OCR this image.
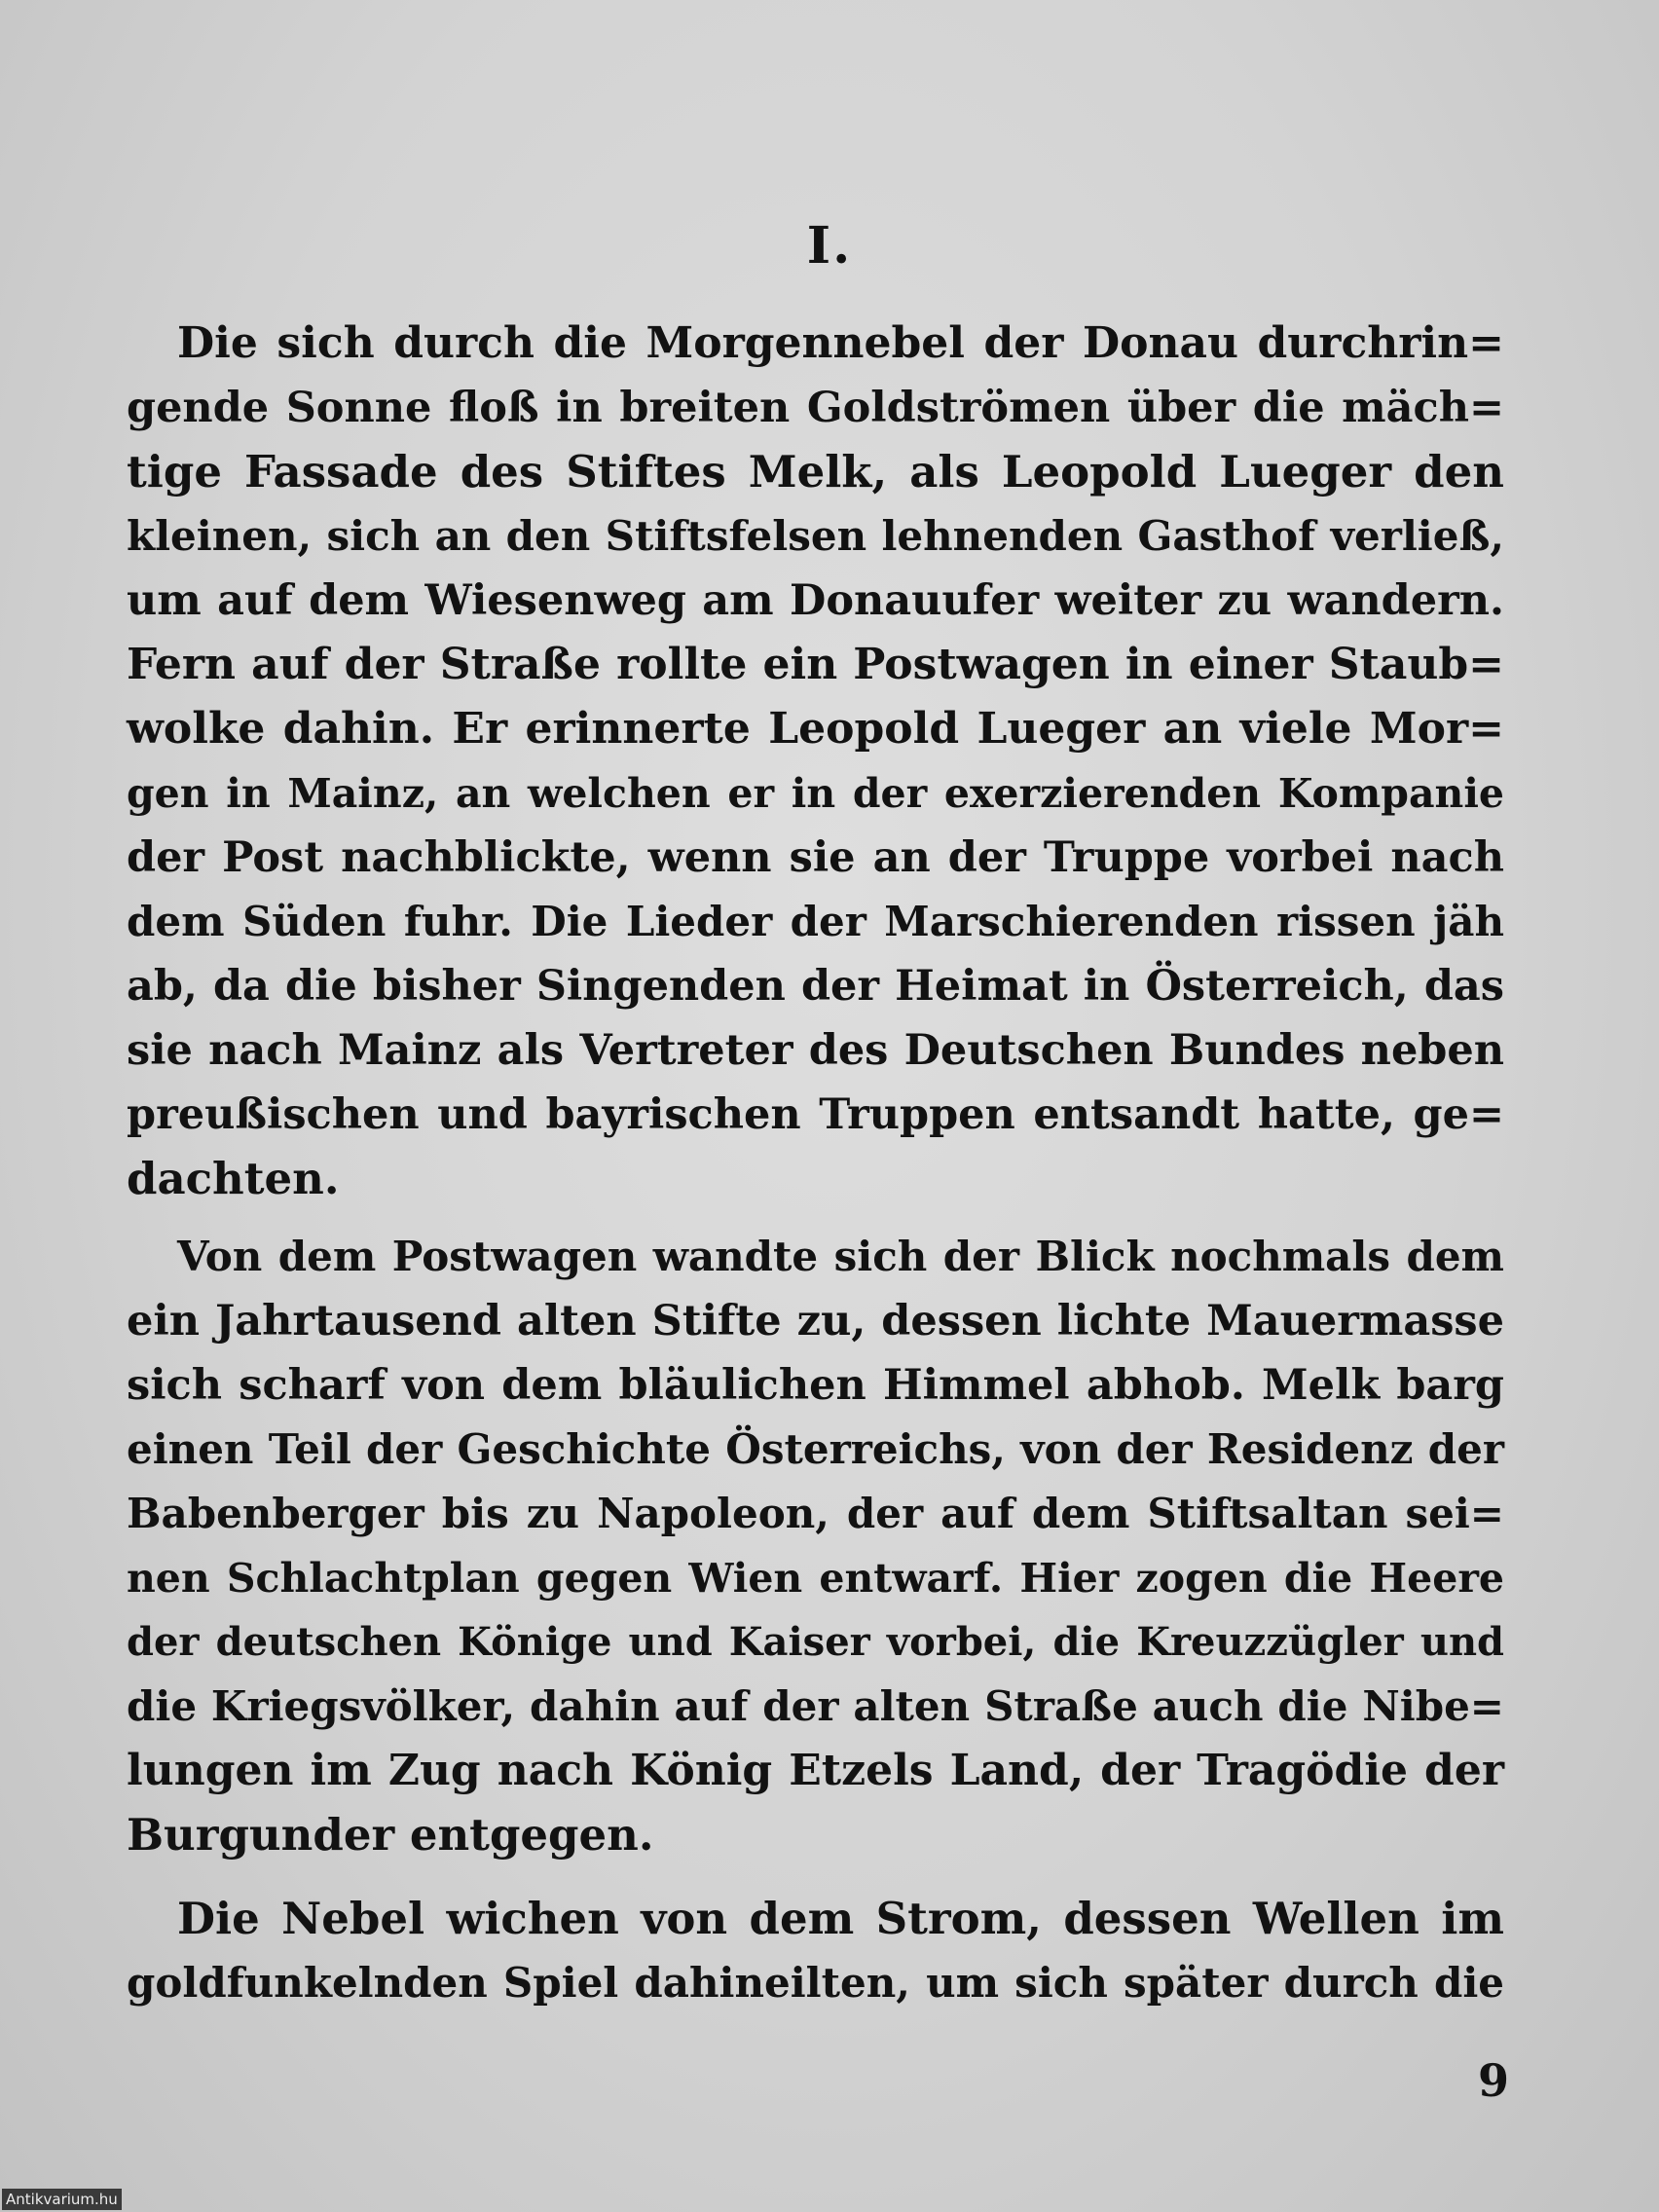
I.
Die sich durch die Morgennebel der Donau durchrin=
gende Sonne floß in breiten Goldströmen über die mäch=
tige Fassade des Stiftes Melk, als Leopold Lueger den
kleinen, sich an den Stiftsfelsen lehnenden Gasthof verließ,
um auf dem Wiesenweg am Donauufer weiter zu wandern.
Fern auf der Straße rollte ein Postwagen in einer Staub=
wolke dahin. Er erinnerte Leopold Lueger an viele Mor=
gen in Mainz, an welchen er in der exerzierenden Kompanie
der Post nachblickte, wenn sie an der Truppe vorbei nach
dem Süden fuhr. Die Lieder der Marschierenden rissen jäh
ab, da die bisher Singenden der Heimat in Österreich, das
sie nach Mainz als Vertreter des Deutschen Bundes neben
preußischen und bayrischen Truppen entsandt hatte, ge=
dachten.
Von dem Postwagen wandte sich der Blick nochmals dem
ein Jahrtausend alten Stifte zu, dessen lichte Mauermasse
sich scharf von dem bläulichen Himmel abhob. Melk barg
einen Teil der Geschichte Österreichs, von der Residenz der
Babenberger bis zu Napoleon, der auf dem Stiftsaltan sei=
nen Schlachtplan gegen Wien entwarf. Hier zogen die Heere
der deutschen Könige und Kaiser vorbei, die Kreuzzügler und
die Kriegsvölker, dahin auf der alten Straße auch die Nibe=
lungen im Zug nach König Etzels Land, der Tragödie der
Burgunder entgegen.
Die Nebel wichen von dem Strom, dessen Wellen im
goldfunkelnden Spiel dahineilten, um sich später durch die
9
Antikvarium.hu
